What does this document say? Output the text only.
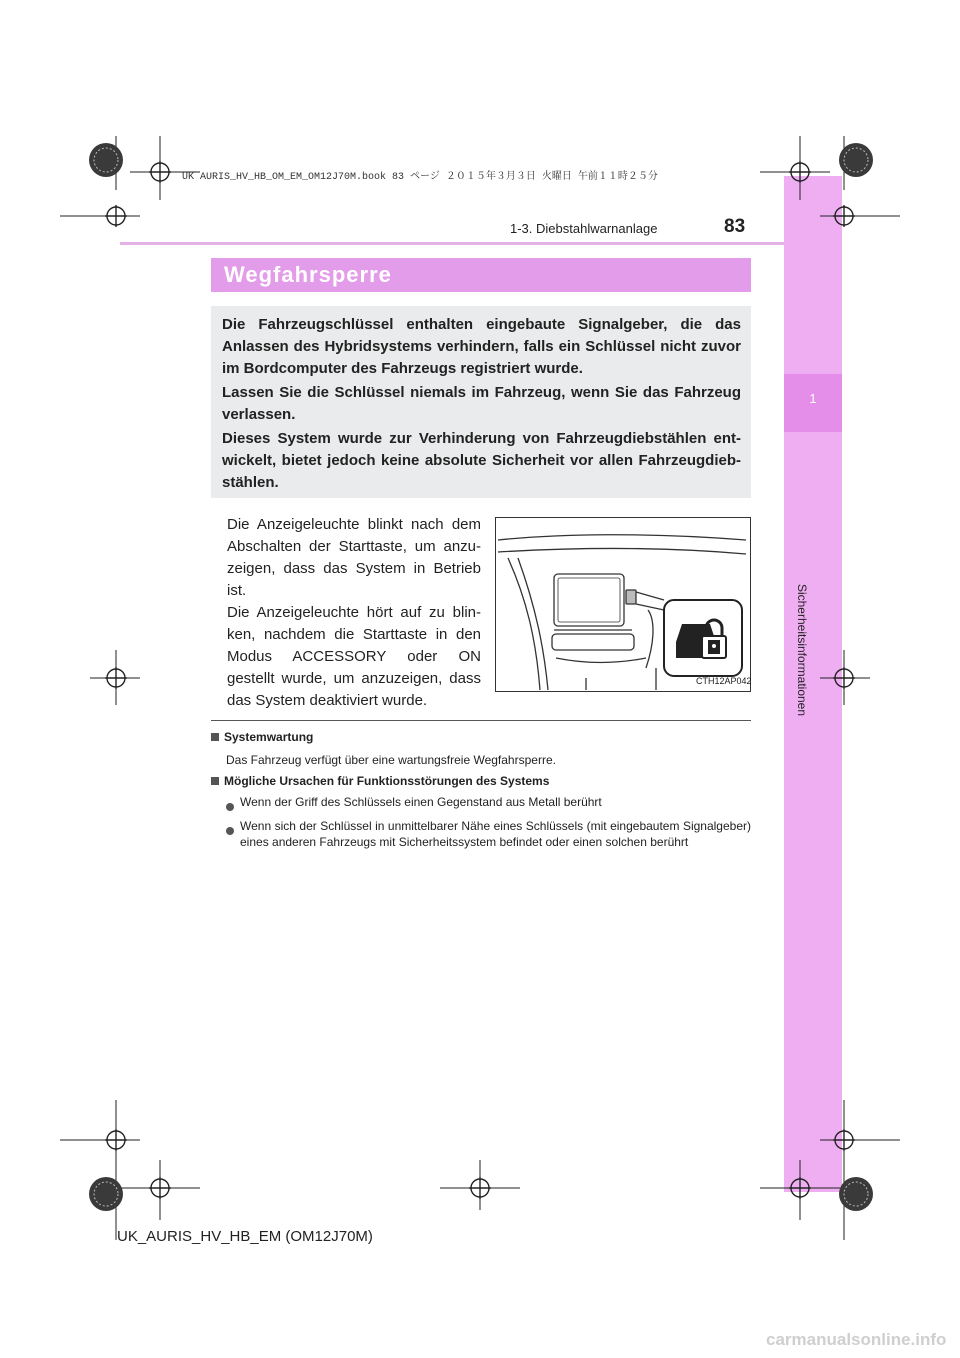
1
Sicherheitsinformationen
UK AURIS_HV_HB_OM_EM_OM12J70M.book 83 ページ ２０１５年３月３日 火曜日 午前１１時２５分
1-3. Diebstahlwarnanlage	83
Wegfahrsperre
Die Fahrzeugschlüssel enthalten eingebaute Signalgeber, die das Anlassen des Hybridsystems verhindern, falls ein Schlüssel nicht zuvor im Bordcomputer des Fahrzeugs registriert wurde.
Lassen Sie die Schlüssel niemals im Fahrzeug, wenn Sie das Fahrzeug verlassen.
Dieses System wurde zur Verhinderung von Fahrzeugdiebstählen ent- wickelt, bietet jedoch keine absolute Sicherheit vor allen Fahrzeugdieb- stählen.
Die Anzeigeleuchte blinkt nach dem Abschalten der Starttaste, um anzu- zeigen, dass das System in Betrieb ist.
Die Anzeigeleuchte hört auf zu blin- ken, nachdem die Starttaste in den Modus ACCESSORY oder ON gestellt wurde, um anzuzeigen, dass das System deaktiviert wurde.
CTH12AP042
Systemwartung
Das Fahrzeug verfügt über eine wartungsfreie Wegfahrsperre.
Mögliche Ursachen für Funktionsstörungen des Systems
Wenn der Griff des Schlüssels einen Gegenstand aus Metall berührt
Wenn sich der Schlüssel in unmittelbarer Nähe eines Schlüssels (mit eingebautem Signalgeber) eines anderen Fahrzeugs mit Sicherheitssystem befindet oder einen solchen berührt
UK_AURIS_HV_HB_EM (OM12J70M)
carmanualsonline.info
